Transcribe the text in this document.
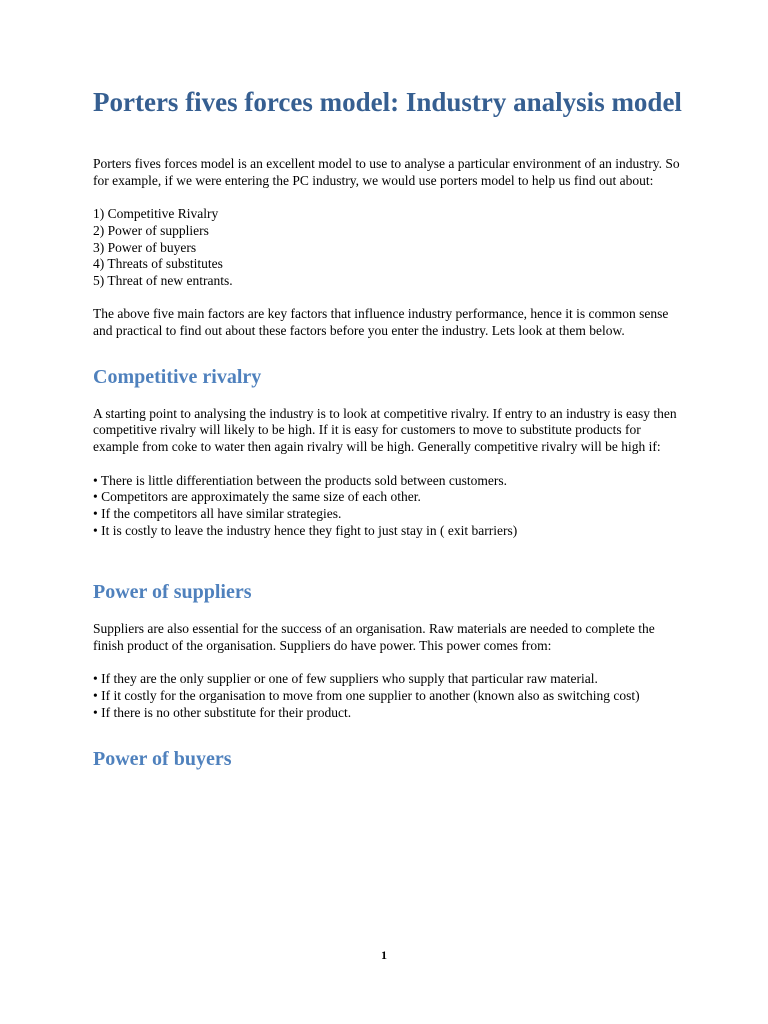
Porters fives forces model: Industry analysis model

Porters fives forces model is an excellent model to use to analyse a particular environment of an industry. So for example, if we were entering the PC industry, we would use porters model to help us find out about:

1) Competitive Rivalry
2) Power of suppliers
3) Power of buyers
4) Threats of substitutes
5) Threat of new entrants.

The above five main factors are key factors that influence industry performance, hence it is common sense and practical to find out about these factors before you enter the industry. Lets look at them below.

Competitive rivalry

A starting point to analysing the industry is to look at competitive rivalry. If entry to an industry is easy then competitive rivalry will likely to be high. If it is easy for customers to move to substitute products for example from coke to water then again rivalry will be high. Generally competitive rivalry will be high if:

• There is little differentiation between the products sold between customers.
• Competitors are approximately the same size of each other.
• If the competitors all have similar strategies.
• It is costly to leave the industry hence they fight to just stay in ( exit barriers)
Power of suppliers

Suppliers are also essential for the success of an organisation. Raw materials are needed to complete the finish product of the organisation. Suppliers do have power. This power comes from:

• If they are the only supplier or one of few suppliers who supply that particular raw material.
• If it costly for the organisation to move from one supplier to another (known also as switching cost)
• If there is no other substitute for their product.
Power of buyers
1
